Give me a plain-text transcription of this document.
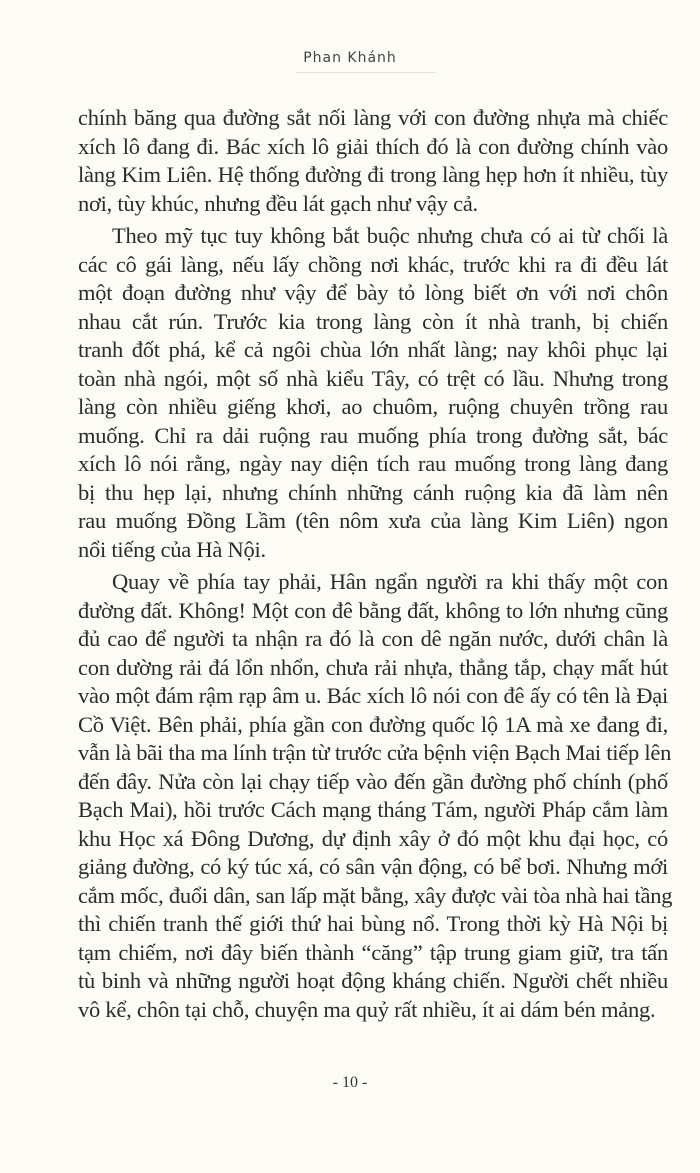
Phan Khánh
chính băng qua đường sắt nối làng với con đường nhựa mà chiếc
xích lô đang đi. Bác xích lô giải thích đó là con đường chính vào
làng Kim Liên. Hệ thống đường đi trong làng hẹp hơn ít nhiều, tùy
nơi, tùy khúc, nhưng đều lát gạch như vậy cả.
Theo mỹ tục tuy không bắt buộc nhưng chưa có ai từ chối là
các cô gái làng, nếu lấy chồng nơi khác, trước khi ra đi đều lát
một đoạn đường như vậy để bày tỏ lòng biết ơn với nơi chôn
nhau cắt rún. Trước kia trong làng còn ít nhà tranh, bị chiến
tranh đốt phá, kể cả ngôi chùa lớn nhất làng; nay khôi phục lại
toàn nhà ngói, một số nhà kiểu Tây, có trệt có lầu. Nhưng trong
làng còn nhiều giếng khơi, ao chuôm, ruộng chuyên trồng rau
muống. Chỉ ra dải ruộng rau muống phía trong đường sắt, bác
xích lô nói rằng, ngày nay diện tích rau muống trong làng đang
bị thu hẹp lại, nhưng chính những cánh ruộng kia đã làm nên
rau muống Đồng Lầm (tên nôm xưa của làng Kim Liên) ngon
nổi tiếng của Hà Nội.
Quay về phía tay phải, Hân ngẩn người ra khi thấy một con
đường đất. Không! Một con đê bằng đất, không to lớn nhưng cũng
đủ cao để người ta nhận ra đó là con dê ngăn nước, dưới chân là
con dường rải đá lổn nhổn, chưa rải nhựa, thẳng tắp, chạy mất hút
vào một đám rậm rạp âm u. Bác xích lô nói con đê ấy có tên là Đại
Cồ Việt. Bên phải, phía gần con đường quốc lộ 1A mà xe đang đi,
vẫn là bãi tha ma lính trận từ trước cửa bệnh viện Bạch Mai tiếp lên
đến đây. Nửa còn lại chạy tiếp vào đến gần đường phố chính (phố
Bạch Mai), hồi trước Cách mạng tháng Tám, người Pháp cắm làm
khu Học xá Đông Dương, dự định xây ở đó một khu đại học, có
giảng đường, có ký túc xá, có sân vận động, có bể bơi. Nhưng mới
cắm mốc, đuổi dân, san lấp mặt bằng, xây được vài tòa nhà hai tầng
thì chiến tranh thế giới thứ hai bùng nổ. Trong thời kỳ Hà Nội bị
tạm chiếm, nơi đây biến thành “căng” tập trung giam giữ, tra tấn
tù binh và những người hoạt động kháng chiến. Người chết nhiều
vô kể, chôn tại chỗ, chuyện ma quỷ rất nhiều, ít ai dám bén mảng.
- 10 -
